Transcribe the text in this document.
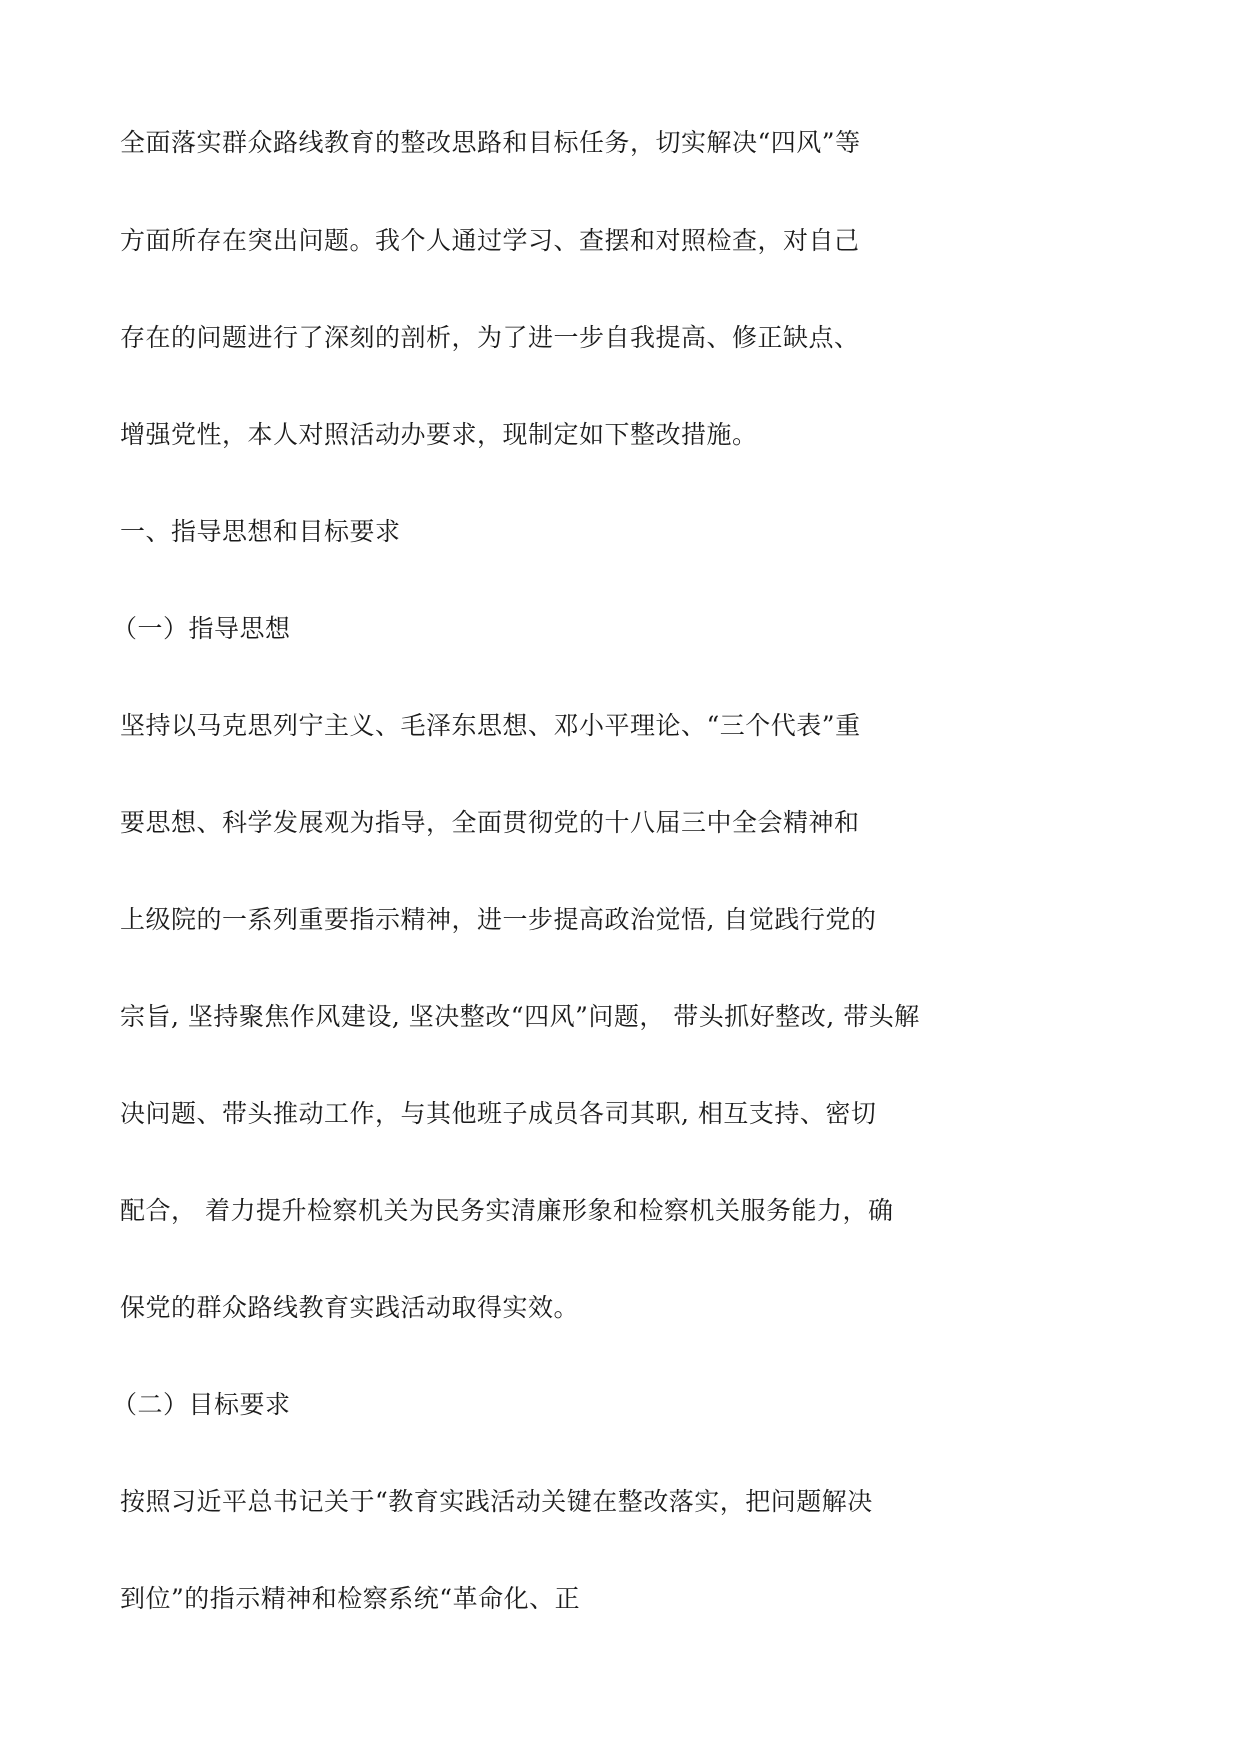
全面落实群众路线教育的整改思路和目标任务，切实解决“四风”等
方面所存在突出问题。我个人通过学习、查摆和对照检查，对自己
存在的问题进行了深刻的剖析，为了进一步自我提高、修正缺点、
增强党性，本人对照活动办要求，现制定如下整改措施。
一、指导思想和目标要求
（一）指导思想
坚持以马克思列宁主义、毛泽东思想、邓小平理论、“三个代表”重
要思想、科学发展观为指导，全面贯彻党的十八届三中全会精神和
上级院的一系列重要指示精神，进一步提高政治觉悟, 自觉践行党的
宗旨, 坚持聚焦作风建设, 坚决整改“四风”问题， 带头抓好整改, 带头解
决问题、带头推动工作，与其他班子成员各司其职, 相互支持、密切
配合， 着力提升检察机关为民务实清廉形象和检察机关服务能力，确
保党的群众路线教育实践活动取得实效。
（二）目标要求
按照习近平总书记关于“教育实践活动关键在整改落实，把问题解决
到位”的指示精神和检察系统“革命化、正
